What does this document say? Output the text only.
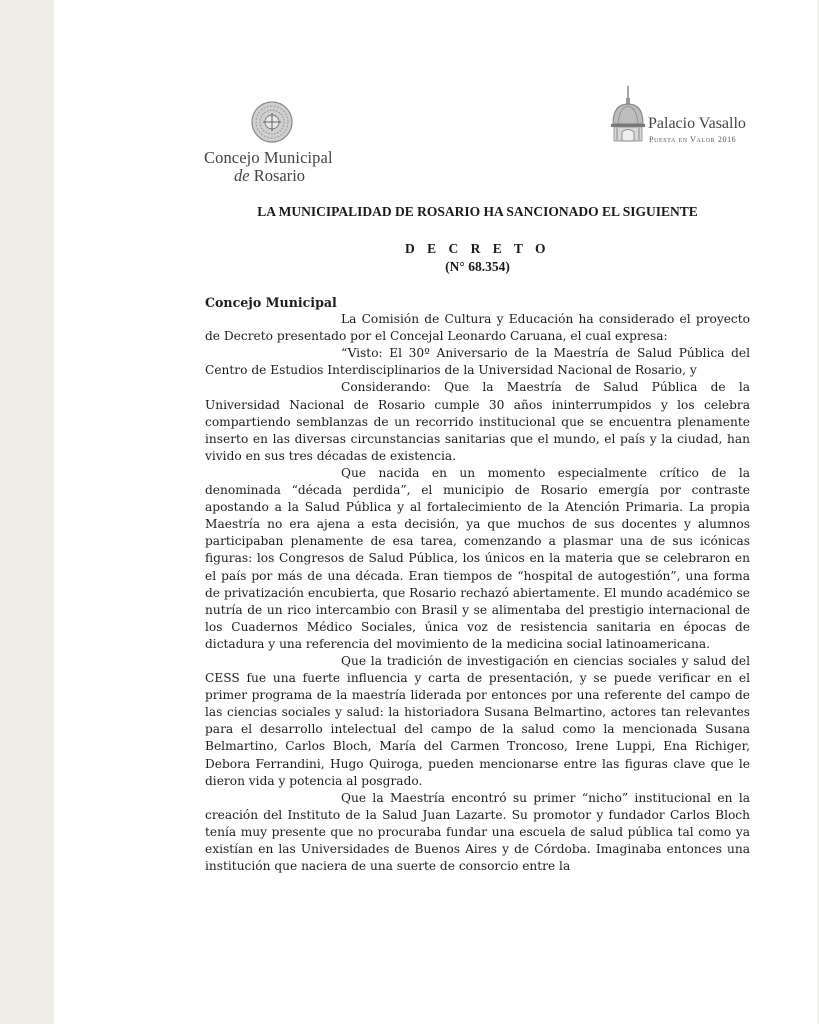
Concejo Municipal
de Rosario
Palacio Vasallo
Puesta en Valor 2016
LA MUNICIPALIDAD DE ROSARIO HA SANCIONADO EL SIGUIENTE
D E C R E T O
(N° 68.354)
Concejo Municipal

La Comisión de Cultura y Educación ha considerado el proyecto de Decreto presentado por el Concejal Leonardo Caruana, el cual expresa:

“Visto: El 30º Aniversario de la Maestría de Salud Pública del Centro de Estudios Interdisciplinarios de la Universidad Nacional de Rosario, y

Considerando: Que la Maestría de Salud Pública de la Universidad Nacional de Rosario cumple 30 años ininterrumpidos y los celebra compartiendo semblanzas de un recorrido institucional que se encuentra plenamente inserto en las diversas circunstancias sanitarias que el mundo, el país y la ciudad, han vivido en sus tres décadas de existencia.

Que nacida en un momento especialmente crítico de la denominada “década perdida”, el municipio de Rosario emergía por contraste apostando a la Salud Pública y al fortalecimiento de la Atención Primaria. La propia Maestría no era ajena a esta decisión, ya que muchos de sus docentes y alumnos participaban plenamente de esa tarea, comenzando a plasmar una de sus icónicas figuras: los Congresos de Salud Pública, los únicos en la materia que se celebraron en el país por más de una década. Eran tiempos de “hospital de autogestión”, una forma de privatización encubierta, que Rosario rechazó abiertamente. El mundo académico se nutría de un rico intercambio con Brasil y se alimentaba del prestigio internacional de los Cuadernos Médico Sociales, única voz de resistencia sanitaria en épocas de dictadura y una referencia del movimiento de la medicina social latinoamericana.

Que la tradición de investigación en ciencias sociales y salud del CESS fue una fuerte influencia y carta de presentación, y se puede verificar en el primer programa de la maestría liderada por entonces por una referente del campo de las ciencias sociales y salud: la historiadora Susana Belmartino, actores tan relevantes para el desarrollo intelectual del campo de la salud como la mencionada Susana Belmartino, Carlos Bloch, María del Carmen Troncoso, Irene Luppi, Ena Richiger, Debora Ferrandini, Hugo Quiroga, pueden mencionarse entre las figuras clave que le dieron vida y potencia al posgrado.

Que la Maestría encontró su primer “nicho” institucional en la creación del Instituto de la Salud Juan Lazarte. Su promotor y fundador Carlos Bloch tenía muy presente que no procuraba fundar una escuela de salud pública tal como ya existían en las Universidades de Buenos Aires y de Córdoba. Imaginaba entonces una institución que naciera de una suerte de consorcio entre la
